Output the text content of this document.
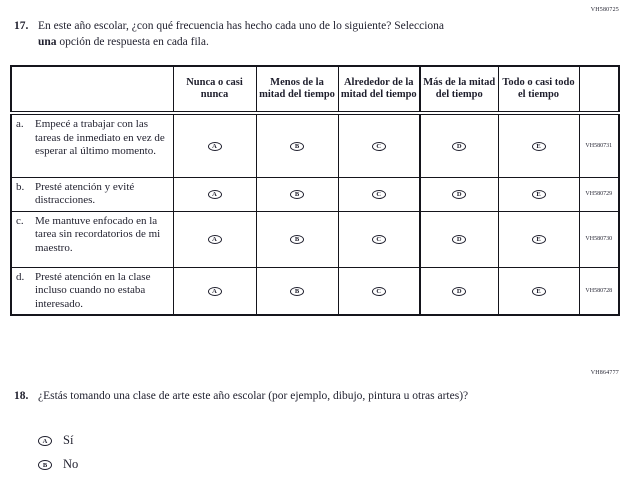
VH580725
17. En este año escolar, ¿con qué frecuencia has hecho cada uno de lo siguiente? Selecciona
una opción de respuesta en cada fila.
	Nunca o casi nunca	Menos de la mitad del tiempo	Alrededor de la mitad del tiempo	Más de la mitad del tiempo	Todo o casi todo el tiempo	

a. Empecé a trabajar con las tareas de inmediato en vez de esperar al último momento.	A	B	C	D	E	VH580731

b. Presté atención y evité distracciones.	A	B	C	D	E	VH580729

c. Me mantuve enfocado en la tarea sin recordatorios de mi maestro.	A	B	C	D	E	VH580730

d. Presté atención en la clase incluso cuando no estaba interesado.	A	B	C	D	E	VH580728
VH864777
18. ¿Estás tomando una clase de arte este año escolar (por ejemplo, dibujo, pintura u otras artes)?
A	Sí
B	No
